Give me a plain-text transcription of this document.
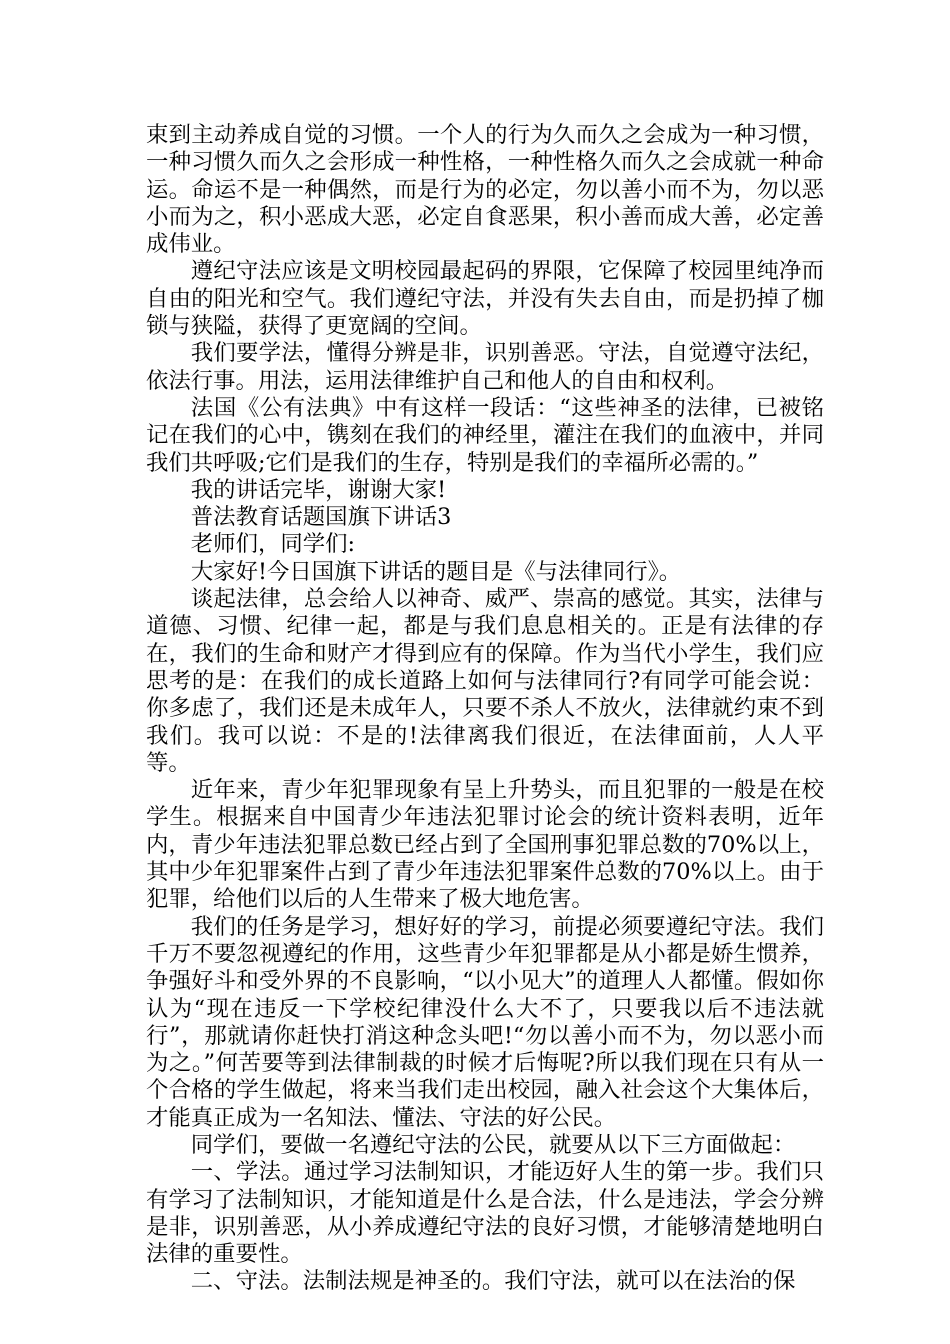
束到主动养成自觉的习惯。一个人的行为久而久之会成为一种习惯，一种习惯久而久之会形成一种性格，一种性格久而久之会成就一种命运。命运不是一种偶然，而是行为的必定，勿以善小而不为，勿以恶小而为之，积小恶成大恶，必定自食恶果，积小善而成大善，必定善成伟业。

遵纪守法应该是文明校园最起码的界限，它保障了校园里纯净而自由的阳光和空气。我们遵纪守法，并没有失去自由，而是扔掉了枷锁与狭隘，获得了更宽阔的空间。

我们要学法，懂得分辨是非，识别善恶。守法，自觉遵守法纪，依法行事。用法，运用法律维护自己和他人的自由和权利。

法国《公有法典》中有这样一段话：“这些神圣的法律，已被铭记在我们的心中，镌刻在我们的神经里，灌注在我们的血液中，并同我们共呼吸;它们是我们的生存，特别是我们的幸福所必需的。”

我的讲话完毕，谢谢大家!

普法教育话题国旗下讲话3

老师们，同学们:

大家好!今日国旗下讲话的题目是《与法律同行》。

谈起法律，总会给人以神奇、威严、崇高的感觉。其实，法律与道德、习惯、纪律一起，都是与我们息息相关的。正是有法律的存在，我们的生命和财产才得到应有的保障。作为当代小学生，我们应思考的是：在我们的成长道路上如何与法律同行?有同学可能会说：你多虑了，我们还是未成年人，只要不杀人不放火，法律就约束不到我们。我可以说：不是的!法律离我们很近，在法律面前，人人平等。

近年来，青少年犯罪现象有呈上升势头，而且犯罪的一般是在校学生。根据来自中国青少年违法犯罪讨论会的统计资料表明，近年内，青少年违法犯罪总数已经占到了全国刑事犯罪总数的70%以上，其中少年犯罪案件占到了青少年违法犯罪案件总数的70%以上。由于犯罪，给他们以后的人生带来了极大地危害。

我们的任务是学习，想好好的学习，前提必须要遵纪守法。我们千万不要忽视遵纪的作用，这些青少年犯罪都是从小都是娇生惯养，争强好斗和受外界的不良影响，“以小见大”的道理人人都懂。假如你认为“现在违反一下学校纪律没什么大不了，只要我以后不违法就行”，那就请你赶快打消这种念头吧!“勿以善小而不为，勿以恶小而为之。”何苦要等到法律制裁的时候才后悔呢?所以我们现在只有从一个合格的学生做起，将来当我们走出校园，融入社会这个大集体后，才能真正成为一名知法、懂法、守法的好公民。

同学们，要做一名遵纪守法的公民，就要从以下三方面做起：

一、学法。通过学习法制知识，才能迈好人生的第一步。我们只有学习了法制知识，才能知道是什么是合法，什么是违法，学会分辨是非，识别善恶，从小养成遵纪守法的良好习惯，才能够清楚地明白法律的重要性。

二、守法。法制法规是神圣的。我们守法，就可以在法治的保
